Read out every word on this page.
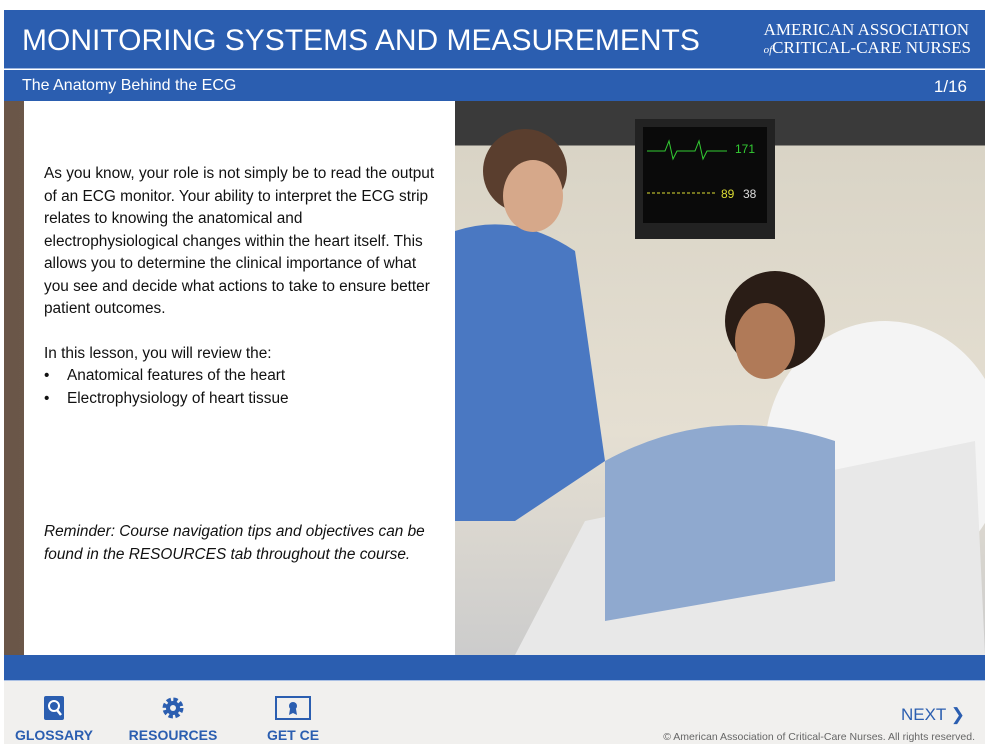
MONITORING SYSTEMS AND MEASUREMENTS	AMERICAN ASSOCIATION
ofCRITICAL-CARE NURSES
The Anatomy Behind the ECG	1/16

As you know, your role is not simply be to read the output of an ECG monitor. Your ability to interpret the ECG strip relates to knowing the anatomical and electrophysiological changes within the heart itself. This allows you to determine the clinical importance of what you see and decide what actions to take to ensure better patient outcomes.

In this lesson, you will review the:
• Anatomical features of the heart
• Electrophysiology of heart tissue
Reminder: Course navigation tips and objectives can be found in the RESOURCES tab throughout the course.
171
89 38
GLOSSARY	RESOURCES	GET CE
NEXT ❯
© American Association of Critical-Care Nurses. All rights reserved.
